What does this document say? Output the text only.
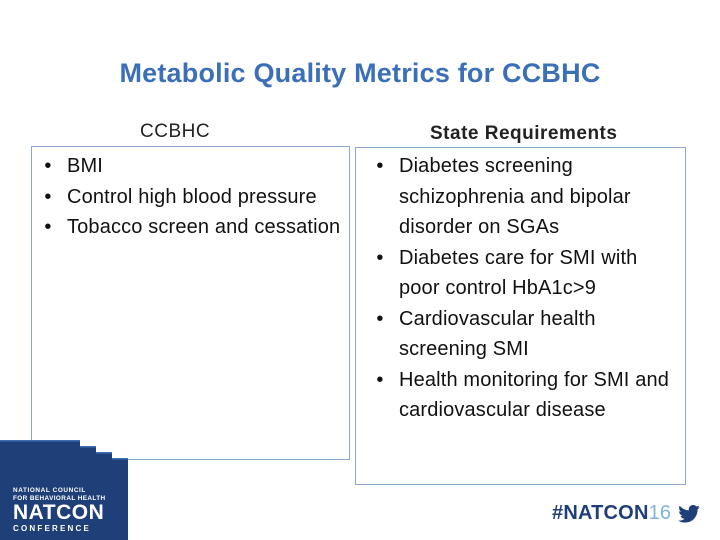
Metabolic Quality Metrics for CCBHC
CCBHC	State Requirements
• BMI
• Control high blood pressure
• Tobacco screen and cessation
• Diabetes screening schizophrenia and bipolar disorder on SGAs
• Diabetes care for SMI with poor control HbA1c>9
• Cardiovascular health screening SMI
• Health monitoring for SMI and cardiovascular disease
NATIONAL COUNCIL
FOR BEHAVIORAL HEALTH
NATCON
CONFERENCE
#NATCON16
